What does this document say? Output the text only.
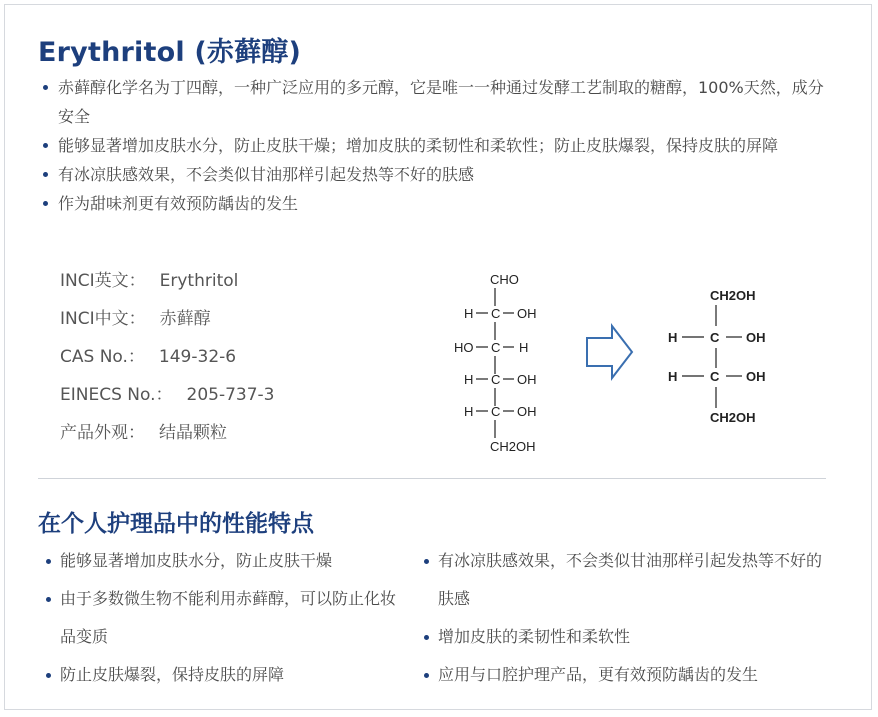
Erythritol (赤藓醇)
赤藓醇化学名为丁四醇，一种广泛应用的多元醇，它是唯一一种通过发酵工艺制取的糖醇，100%天然，成分安全
能够显著增加皮肤水分，防止皮肤干燥；增加皮肤的柔韧性和柔软性；防止皮肤爆裂，保持皮肤的屏障
有冰凉肤感效果，不会类似甘油那样引起发热等不好的肤感
作为甜味剂更有效预防龋齿的发生
INCI英文： Erythritol
INCI中文： 赤藓醇
CAS No.： 149-32-6
EINECS No.： 205-737-3
产品外观： 结晶颗粒
CHO
H C OH
HO C H
H C OH
H C OH
CH2OH
CH2OH
H	C OH
H	C OH
CH2OH
在个人护理品中的性能特点
能够显著增加皮肤水分，防止皮肤干燥
由于多数微生物不能利用赤藓醇，可以防止化妆品变质
防止皮肤爆裂，保持皮肤的屏障
有冰凉肤感效果，不会类似甘油那样引起发热等不好的肤感
增加皮肤的柔韧性和柔软性
应用与口腔护理产品，更有效预防龋齿的发生
